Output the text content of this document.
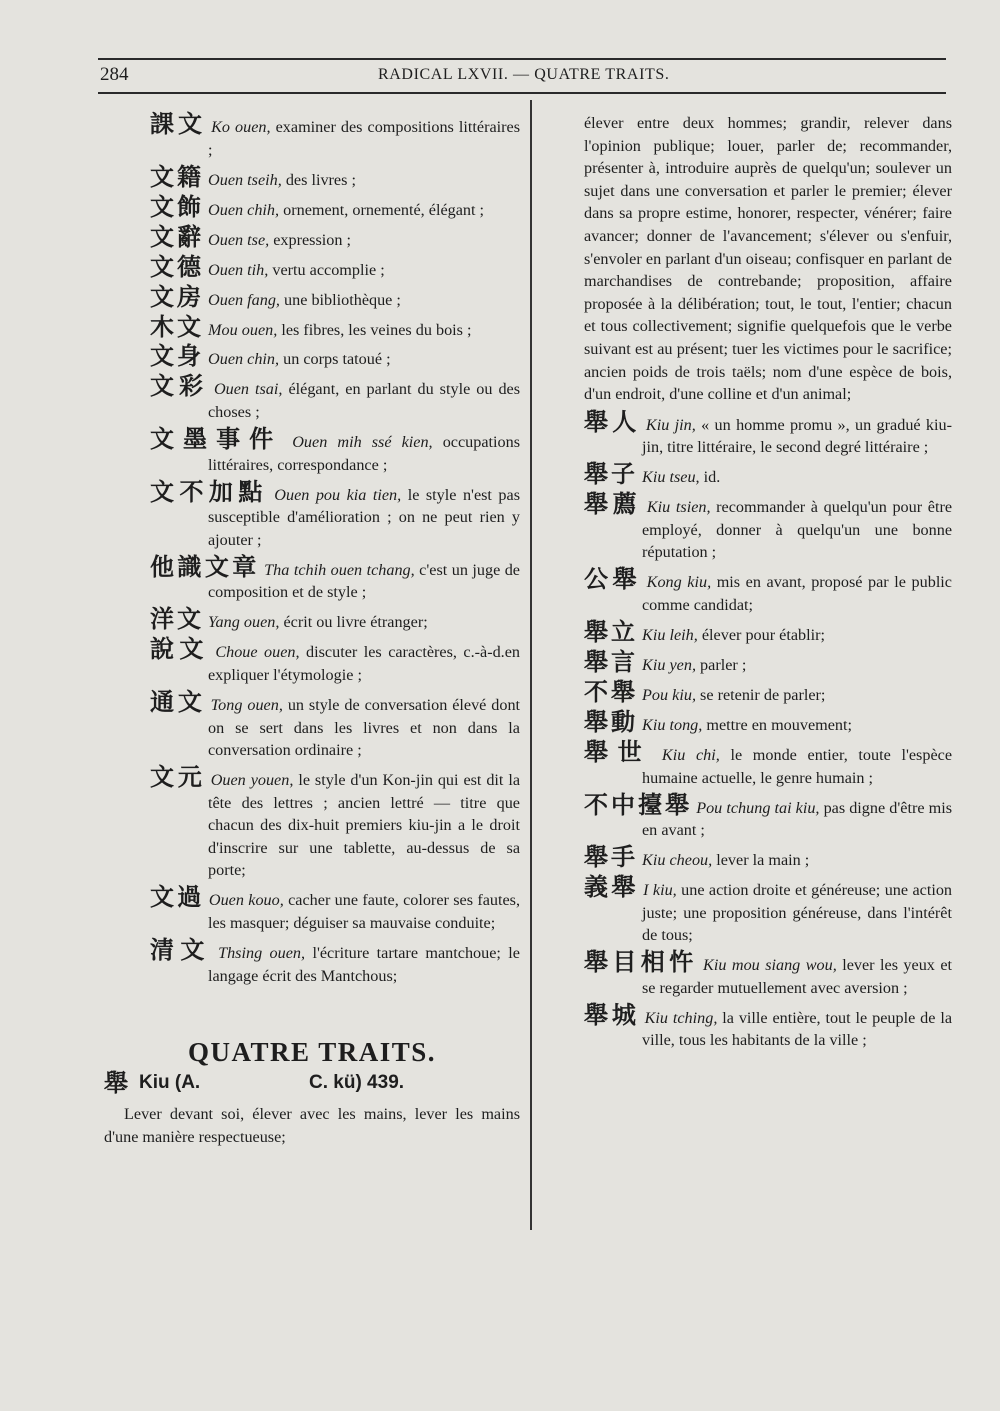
284	RADICAL LXVII. — QUATRE TRAITS.
課文 Ko ouen, examiner des compositions littéraires ;
文籍 Ouen tseih, des livres ;
文飾 Ouen chih, ornement, ornementé, élégant ;
文辭 Ouen tse, expression ;
文德 Ouen tih, vertu accomplie ;
文房 Ouen fang, une bibliothèque ;
木文 Mou ouen, les fibres, les veines du bois ;
文身 Ouen chin, un corps tatoué ;
文彩 Ouen tsai, élégant, en parlant du style ou des choses ;
文墨事件 Ouen mih ssé kien, occupations littéraires, correspondance ;
文不加點 Ouen pou kia tien, le style n'est pas susceptible d'amélioration ; on ne peut rien y ajouter ;
他識文章 Tha tchih ouen tchang, c'est un juge de composition et de style ;
洋文 Yang ouen, écrit ou livre étranger;
說文 Choue ouen, discuter les caractères, c.-à-d.en expliquer l'étymologie ;
通文 Tong ouen, un style de conversation élevé dont on se sert dans les livres et non dans la conversation ordinaire ;
文元 Ouen youen, le style d'un Kon-jin qui est dit la tête des lettres ; ancien lettré — titre que chacun des dix-huit premiers kiu-jin a le droit d'inscrire sur une tablette, au-dessus de sa porte;
文過 Ouen kouo, cacher une faute, colorer ses fautes, les masquer; déguiser sa mauvaise conduite;
清文 Thsing ouen, l'écriture tartare mantchoue; le langage écrit des Mantchous;
QUATRE TRAITS.
舉 Kiu (A.	C. kü) 439.
Lever devant soi, élever avec les mains, lever les mains d'une manière respectueuse;
élever entre deux hommes; grandir, relever dans l'opinion publique; louer, parler de; recommander, présenter à, introduire auprès de quelqu'un; soulever un sujet dans une conversation et parler le premier; élever dans sa propre estime, honorer, respecter, vénérer; faire avancer; donner de l'avancement; s'élever ou s'enfuir, s'envoler en parlant d'un oiseau; confisquer en parlant de marchandises de contrebande; proposition, affaire proposée à la délibération; tout, le tout, l'entier; chacun et tous collectivement; signifie quelquefois que le verbe suivant est au présent; tuer les victimes pour le sacrifice; ancien poids de trois taëls; nom d'une espèce de bois, d'un endroit, d'une colline et d'un animal;
舉人 Kiu jin, « un homme promu », un gradué kiu-jin, titre littéraire, le second degré littéraire ;
舉子 Kiu tseu, id.
舉薦 Kiu tsien, recommander à quelqu'un pour être employé, donner à quelqu'un une bonne réputation ;
公舉 Kong kiu, mis en avant, proposé par le public comme candidat;
舉立 Kiu leih, élever pour établir;
舉言 Kiu yen, parler ;
不舉 Pou kiu, se retenir de parler;
舉動 Kiu tong, mettre en mouvement;
舉世 Kiu chi, le monde entier, toute l'espèce humaine actuelle, le genre humain ;
不中擡舉 Pou tchung tai kiu, pas digne d'être mis en avant ;
舉手 Kiu cheou, lever la main ;
義舉 I kiu, une action droite et généreuse; une action juste; une proposition généreuse, dans l'intérêt de tous;
舉目相忤 Kiu mou siang wou, lever les yeux et se regarder mutuellement avec aversion ;
舉城 Kiu tching, la ville entière, tout le peuple de la ville, tous les habitants de la ville ;
